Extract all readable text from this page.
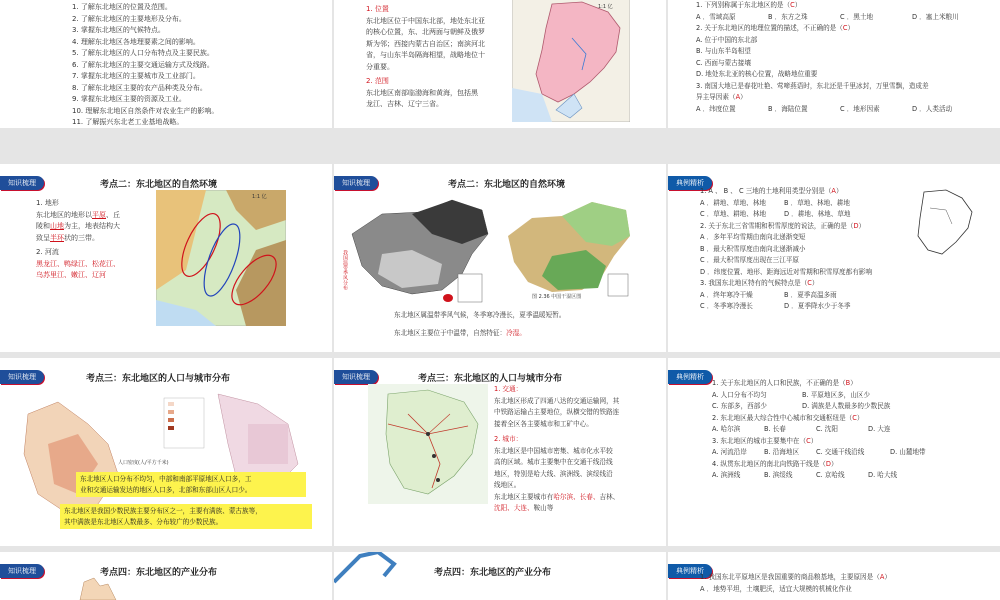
1. 了解东北地区的位置及范围。
2. 了解东北地区的主要地形及分布。
3. 掌握东北地区的气候特点。
4. 理解东北地区各地理要素之间的影响。
5. 了解东北地区的人口分布特点及主要民族。
6. 了解东北地区的主要交通运输方式及线路。
7. 掌握东北地区的主要城市及工业部门。
8. 了解东北地区主要的农产品种类及分布。
9. 掌握东北地区主要的资源及工业。
10. 理解东北地区自然条件对农业生产的影响。
11. 了解振兴东北老工业基地战略。
1. 位置
东北地区位于中国东北部，地处东北亚
的核心位置，东、北两面与朝鲜及俄罗
斯为邻；西接内蒙古自治区；南滨河北
省，与山东半岛隔海相望，战略地位十
分重要。
2. 范围
东北地区南部临渤海和黄海，包括黑
龙江、吉林、辽宁三省。
1:1 亿	1. 下列别称属于东北地区的是（C）
A ．雪域高原	B ．东方之珠	C ．黑土地	D ．塞上米粮川
2. 关于东北地区的地理位置的描述，不正确的是（C）
A. 位于中国的东北部
B. 与山东半岛相望
C. 西面与蒙古接壤
D. 地处东北亚的核心位置，战略地位重要
3. 南国大地已是春花吐艳、莺啼燕语时，东北还是千里冰封，万里雪飘，造成差
异主导因素（A）
A ．纬度位置	B ．海陆位置	C ．地形因素	D ．人类活动
知识梳理	考点二：东北地区的自然环境
1. 地形
东北地区的地形以平原、丘
陵和山地为主，地表结构大
致呈半环状的三带。
2. 河流
黑龙江、鸭绿江、松花江、
乌苏里江、嫩江、辽河
1:1 亿
知识梳理	考点二：东北地区的自然环境
我国温带季风分布
图 2.36 中国干湿区图
东北地区属温带季风气候，冬季寒冷漫长，夏季温暖短暂。
东北地区主要位于中温带，自然特征：冷湿。
典例精析
1. A 、 B 、 C 三地的土地利用类型分别是（A）
A ．耕地、草地、林地	B ．草地、林地、耕地
C ．草地、耕地、林地	D ．耕地、林地、草地
2. 关于东北三省雪期和积雪厚度的说法，正确的是（D）
A ．多年平均雪期由南向北递渐变短
B ．最大积雪厚度由南向北递渐减小
C ．最大积雪厚度出现在三江平原
D ．纬度位置、地形、距海远近对雪期和积雪厚度都有影响
3. 我国东北地区特有的气候特点是（C）
A ．终年寒冷干燥	B ．夏季高温多雨
C ．冬季寒冷漫长	D ．夏季降水少于冬季
知识梳理	考点三：东北地区的人口与城市分布
人口密度(人/平方千米)
东北地区人口分布不均匀，中部和南部平原地区人口多，工
业和交通运输发达的地区人口多，北部和东部山区人口少。
东北地区是我国少数民族主要分布区之一，主要有满族、蒙古族等，
其中满族是东北地区人数最多、分布较广的少数民族。
知识梳理	考点三：东北地区的人口与城市分布
1. 交通：
东北地区形成了四通八达的交通运输网，其
中铁路运输占主要地位，纵横交错的铁路连
接着全区各主要城市和工矿中心。
2. 城市：
东北地区是中国城市密集、城市化水平较
高的区域。城市主要集中在交通干线沿线
地区，特别是哈大线、滨洲线、滨绥线沿
线地区。
东北地区主要城市有哈尔滨、长春、吉林、
沈阳、大连、鞍山等
典例精析
1. 关于东北地区的人口和民族，不正确的是（B）
A. 人口分布不均匀	B. 平原地区多，山区少
C. 东部多，西部少	D. 满族是人数最多的少数民族
2. 东北地区最大综合性中心城市和交通枢纽是（C）
A. 哈尔滨	B. 长春	C. 沈阳	D. 大连
3. 东北地区的城市主要集中在（C）
A. 河流沿岸	B. 沿海地区	C. 交通干线沿线	D. 山麓地带
4. 纵贯东北地区的南北向铁路干线是（D）
A. 滨洲线	B. 滨绥线	C. 京哈线	D. 哈大线
知识梳理	考点四：东北地区的产业分布	考点四：东北地区的产业分布	典例精析
1. 我国东北平原地区是我国重要的商品粮基地，主要原因是（A）
A ．地势平坦，土壤肥沃，适宜大规模的机械化作业
